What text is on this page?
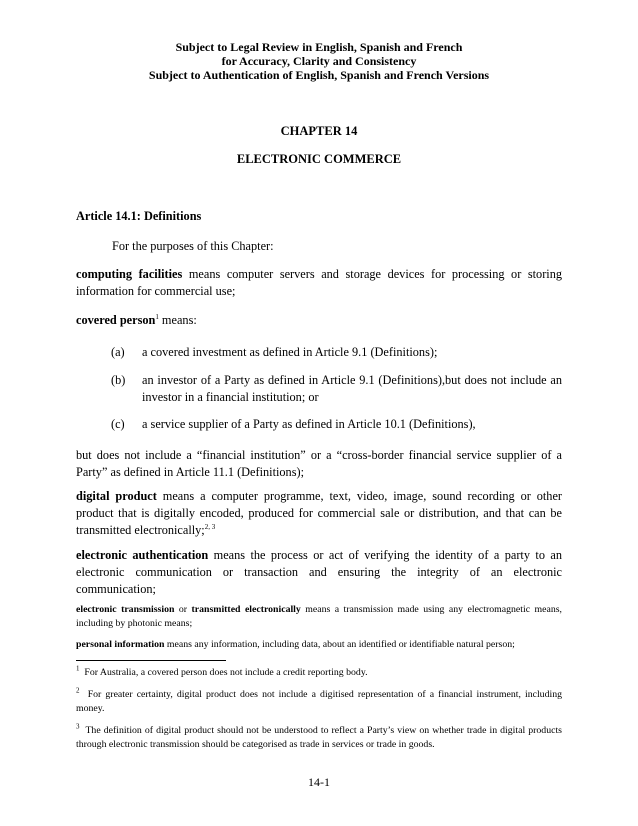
Subject to Legal Review in English, Spanish and French
for Accuracy, Clarity and Consistency
Subject to Authentication of English, Spanish and French Versions
CHAPTER 14
ELECTRONIC COMMERCE
Article 14.1: Definitions
For the purposes of this Chapter:
computing facilities means computer servers and storage devices for processing or storing information for commercial use;
covered person$^1$ means:
(a) a covered investment as defined in Article 9.1 (Definitions);
(b) an investor of a Party as defined in Article 9.1 (Definitions),but does not include an investor in a financial institution; or
(c) a service supplier of a Party as defined in Article 10.1 (Definitions),
but does not include a “financial institution” or a “cross-border financial service supplier of a Party” as defined in Article 11.1 (Definitions);
digital product means a computer programme, text, video, image, sound recording or other product that is digitally encoded, produced for commercial sale or distribution, and that can be transmitted electronically;$^{2, 3}$
electronic authentication means the process or act of verifying the identity of a party to an electronic communication or transaction and ensuring the integrity of an electronic communication;
electronic transmission or transmitted electronically means a transmission made using any electromagnetic means, including by photonic means;
personal information means any information, including data, about an identified or identifiable natural person;
$^1$ For Australia, a covered person does not include a credit reporting body.
$^2$ For greater certainty, digital product does not include a digitised representation of a financial instrument, including money.
$^3$ The definition of digital product should not be understood to reflect a Party’s view on whether trade in digital products through electronic transmission should be categorised as trade in services or trade in goods.
14-1
